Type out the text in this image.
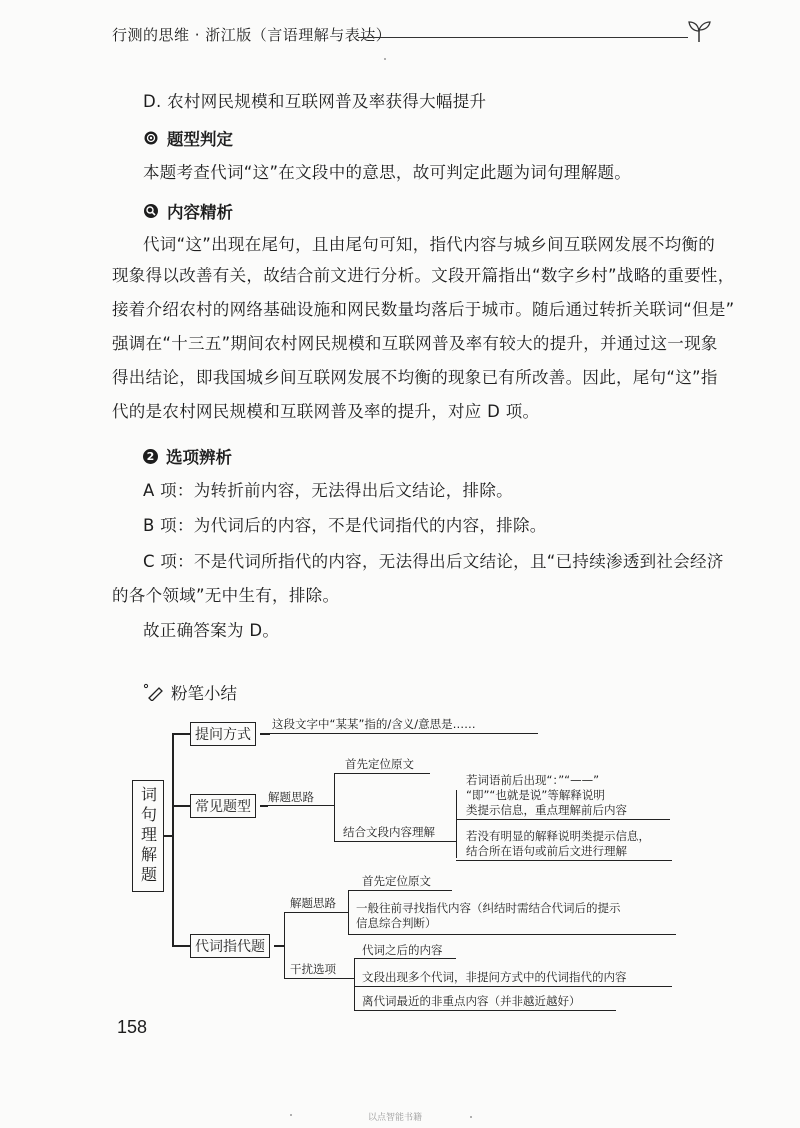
行测的思维 · 浙江版（言语理解与表达）
D. 农村网民规模和互联网普及率获得大幅提升
题型判定
本题考查代词“这”在文段中的意思，故可判定此题为词句理解题。
内容精析
代词“这”出现在尾句，且由尾句可知，指代内容与城乡间互联网发展不均衡的
现象得以改善有关，故结合前文进行分析。文段开篇指出“数字乡村”战略的重要性，
接着介绍农村的网络基础设施和网民数量均落后于城市。随后通过转折关联词“但是”
强调在“十三五”期间农村网民规模和互联网普及率有较大的提升，并通过这一现象
得出结论，即我国城乡间互联网发展不均衡的现象已有所改善。因此，尾句“这”指
代的是农村网民规模和互联网普及率的提升，对应 D 项。
2 选项辨析
A 项：为转折前内容，无法得出后文结论，排除。
B 项：为代词后的内容，不是代词指代的内容，排除。
C 项：不是代词所指代的内容，无法得出后文结论，且“已持续渗透到社会经济
的各个领域”无中生有，排除。
故正确答案为 D。
粉笔小结
提问方式
这段文字中“某某”指的/含义/意思是……
常见题型
解题思路
首先定位原文
结合文段内容理解
若词语前后出现“：”“——”
“即”“也就是说”等解释说明
类提示信息，重点理解前后内容
若没有明显的解释说明类提示信息，
结合所在语句或前后文进行理解
词句理解题
代词指代题
解题思路
首先定位原文
一般往前寻找指代内容（纠结时需结合代词后的提示
信息综合判断）
干扰选项
代词之后的内容
文段出现多个代词，非提问方式中的代词指代的内容
离代词最近的非重点内容（并非越近越好）
158
以点智能书籍
